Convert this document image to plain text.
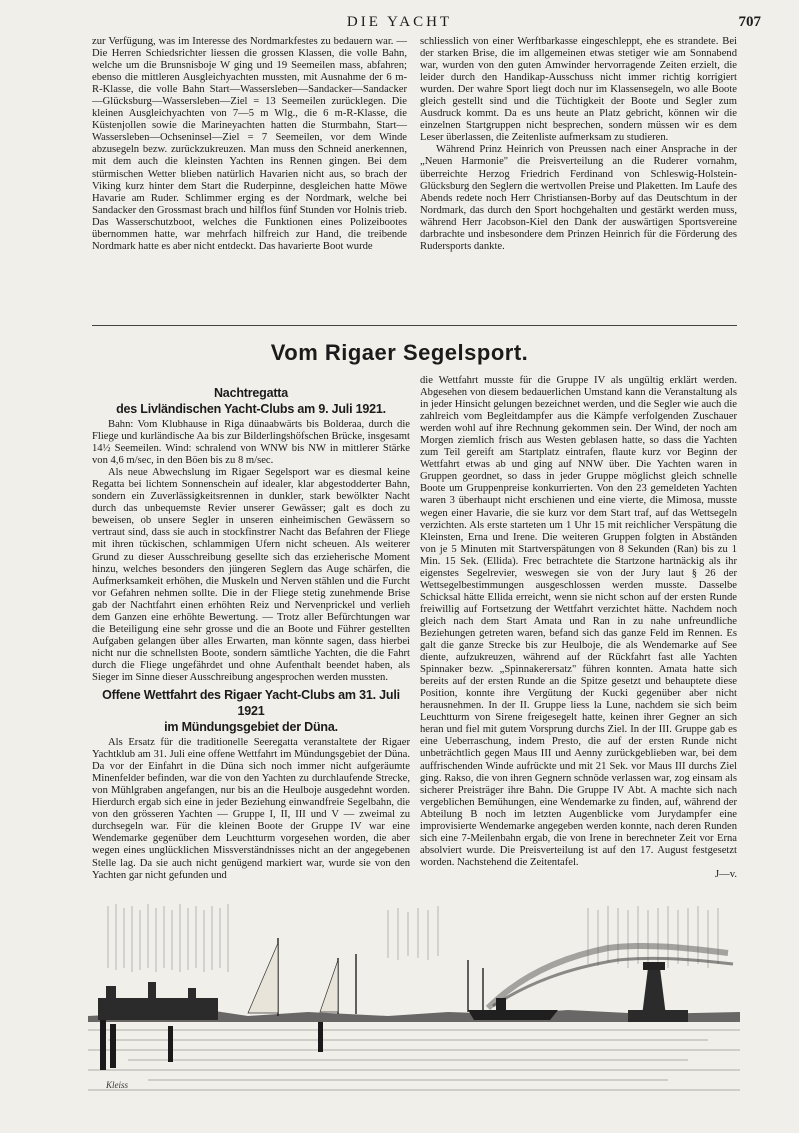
DIE YACHT	707

zur Verfügung, was im Interesse des Nordmarkfestes zu bedauern war. — Die Herren Schiedsrichter liessen die grossen Klassen, die volle Bahn, welche um die Brunsnisboje W ging und 19 Seemeilen mass, abfahren; ebenso die mittleren Ausgleichyachten mussten, mit Ausnahme der 6 m-R-Klasse, die volle Bahn Start—Wassersleben—Sandacker—Sandacker—Glücksburg—Wassersleben—Ziel = 13 Seemeilen zurücklegen. Die kleinen Ausgleichyachten von 7—5 m Wlg., die 6 m-R-Klasse, die Küstenjollen sowie die Marineyachten hatten die Sturmbahn, Start—Wassersleben—Ochseninsel—Ziel = 7 Seemeilen, vor dem Winde abzusegeln bezw. zurückzukreuzen. Man muss den Schneid anerkennen, mit dem auch die kleinsten Yachten ins Rennen gingen. Bei dem stürmischen Wetter blieben natürlich Havarien nicht aus, so brach der Viking kurz hinter dem Start die Ruderpinne, desgleichen hatte Möwe Havarie am Ruder. Schlimmer erging es der Nordmark, welche bei Sandacker den Grossmast brach und hilflos fünf Stunden vor Holnis trieb. Das Wasserschutzboot, welches die Funktionen eines Polizeibootes übernommen hatte, war mehrfach hilfreich zur Hand, die treibende Nordmark hatte es aber nicht entdeckt. Das havarierte Boot wurde

schliesslich von einer Werftbarkasse eingeschleppt, ehe es strandete. Bei der starken Brise, die im allgemeinen etwas stetiger wie am Sonnabend war, wurden von den guten Amwinder hervorragende Zeiten erzielt, die leider durch den Handikap-Ausschuss nicht immer richtig korrigiert wurden. Der wahre Sport liegt doch nur im Klassensegeln, wo alle Boote gleich gestellt sind und die Tüchtigkeit der Boote und Segler zum Ausdruck kommt. Da es uns heute an Platz gebricht, können wir die einzelnen Startgruppen nicht besprechen, sondern müssen wir es dem Leser überlassen, die Zeitenliste aufmerksam zu studieren.

Während Prinz Heinrich von Preussen nach einer Ansprache in der „Neuen Harmonie" die Preisverteilung an die Ruderer vornahm, überreichte Herzog Friedrich Ferdinand von Schleswig-Holstein-Glücksburg den Seglern die wertvollen Preise und Plaketten. Im Laufe des Abends redete noch Herr Christiansen-Borby auf das Deutschtum in der Nordmark, das durch den Sport hochgehalten und gestärkt werden muss, während Herr Jacobson-Kiel den Dank der auswärtigen Sportsvereine darbrachte und insbesondere dem Prinzen Heinrich für die Förderung des Rudersports dankte.

Vom Rigaer Segelsport.
Nachtregatta
des Livländischen Yacht-Clubs am 9. Juli 1921.

Bahn: Vom Klubhause in Riga dünaabwärts bis Bolderaa, durch die Fliege und kurländische Aa bis zur Bilderlingshöfschen Brücke, insgesamt 14½ Seemeilen. Wind: schralend von WNW bis NW in mittlerer Stärke von 4,6 m/sec, in den Böen bis zu 8 m/sec.

Als neue Abwechslung im Rigaer Segelsport war es diesmal keine Regatta bei lichtem Sonnenschein auf idealer, klar abgestodderter Bahn, sondern ein Zuverlässigkeitsrennen in dunkler, stark bewölkter Nacht durch das unbequemste Revier unserer Gewässer; galt es doch zu beweisen, ob unsere Segler in unseren einheimischen Gewässern so vertraut sind, dass sie auch in stockfinstrer Nacht das Befahren der Fliege mit ihren tückischen, schlammigen Ufern nicht scheuen. Als weiterer Grund zu dieser Ausschreibung gesellte sich das erzieherische Moment hinzu, welches besonders den jüngeren Seglern das Auge schärfen, die Aufmerksamkeit erhöhen, die Muskeln und Nerven stählen und die Furcht vor Gefahren nehmen sollte. Die in der Fliege stetig zunehmende Brise gab der Nachtfahrt einen erhöhten Reiz und Nervenprickel und verlieh dem Ganzen eine erhöhte Bewertung. — Trotz aller Befürchtungen war die Beteiligung eine sehr grosse und die an Boote und Führer gestellten Aufgaben gelangen über alles Erwarten, man könnte sagen, dass hierbei nicht nur die schnellsten Boote, sondern sämtliche Yachten, die die Fahrt durch die Fliege ungefährdet und ohne Aufenthalt beendet haben, als Sieger im Sinne dieser Ausschreibung angesprochen werden mussten.

Offene Wettfahrt des Rigaer Yacht-Clubs am 31. Juli 1921
im Mündungsgebiet der Düna.

Als Ersatz für die traditionelle Seeregatta veranstaltete der Rigaer Yachtklub am 31. Juli eine offene Wettfahrt im Mündungsgebiet der Düna. Da vor der Einfahrt in die Düna sich noch immer nicht aufgeräumte Minenfelder befinden, war die von den Yachten zu durchlaufende Strecke, von Mühlgraben angefangen, nur bis an die Heulboje ausgedehnt worden. Hierdurch ergab sich eine in jeder Beziehung einwandfreie Segelbahn, die von den grösseren Yachten — Gruppe I, II, III und V — zweimal zu durchsegeln war. Für die kleinen Boote der Gruppe IV war eine Wendemarke gegenüber dem Leuchtturm vorgesehen worden, die aber wegen eines unglücklichen Missverständnisses nicht an der angegebenen Stelle lag. Da sie auch nicht genügend markiert war, wurde sie von den Yachten gar nicht gefunden und

die Wettfahrt musste für die Gruppe IV als ungültig erklärt werden. Abgesehen von diesem bedauerlichen Umstand kann die Veranstaltung als in jeder Hinsicht gelungen bezeichnet werden, und die Segler wie auch die zahlreich vom Begleitdampfer aus die Kämpfe verfolgenden Zuschauer werden wohl auf ihre Rechnung gekommen sein. Der Wind, der noch am Morgen ziemlich frisch aus Westen geblasen hatte, so dass die Yachten zum Teil gereift am Startplatz eintrafen, flaute kurz vor Beginn der Wettfahrt etwas ab und ging auf NNW über. Die Yachten waren in Gruppen geordnet, so dass in jeder Gruppe möglichst gleich schnelle Boote um Gruppenpreise konkurrierten. Von den 23 gemeldeten Yachten waren 3 überhaupt nicht erschienen und eine vierte, die Mimosa, musste wegen einer Havarie, die sie kurz vor dem Start traf, auf das Wettsegeln verzichten. Als erste starteten um 1 Uhr 15 mit reichlicher Verspätung die Kleinsten, Erna und Irene. Die weiteren Gruppen folgten in Abständen von je 5 Minuten mit Startverspätungen von 8 Sekunden (Ran) bis zu 1 Min. 15 Sek. (Ellida). Frec betrachtete die Startzone hartnäckig als ihr eigenstes Segelrevier, weswegen sie von der Jury laut § 26 der Wettsegelbestimmungen ausgeschlossen werden musste. Dasselbe Schicksal hätte Ellida erreicht, wenn sie nicht schon auf der ersten Runde freiwillig auf Fortsetzung der Wettfahrt verzichtet hätte. Nachdem noch gleich nach dem Start Amata und Ran in zu nahe unfreundliche Beziehungen getreten waren, befand sich das ganze Feld im Rennen. Es galt die ganze Strecke bis zur Heulboje, die als Wendemarke auf See diente, aufzukreuzen, während auf der Rückfahrt fast alle Yachten Spinnaker bezw. „Spinnakerersatz" führen konnten. Amata hatte sich bereits auf der ersten Runde an die Spitze gesetzt und behauptete diese Position, konnte ihre Vergütung der Kucki gegenüber aber nicht herausnehmen. In der II. Gruppe liess la Lune, nachdem sie sich beim Leuchtturm von Sirene freigesegelt hatte, keinen ihrer Gegner an sich heran und fiel mit gutem Vorsprung durchs Ziel. In der III. Gruppe gab es eine Ueberraschung, indem Presto, die auf der ersten Runde nicht unbeträchtlich gegen Maus III und Aenny zurückgeblieben war, bei dem auffrischenden Winde aufrückte und mit 21 Sek. vor Maus III durchs Ziel ging. Rakso, die von ihren Gegnern schnöde verlassen war, zog einsam als sicherer Preisträger ihre Bahn. Die Gruppe IV Abt. A machte sich nach vergeblichen Bemühungen, eine Wendemarke zu finden, auf, während der Abteilung B noch im letzten Augenblicke vom Jurydampfer eine improvisierte Wendemarke angegeben werden konnte, nach deren Runden sich eine 7-Meilenbahn ergab, die von Irene in berechneter Zeit vor Erna absolviert wurde. Die Preisverteilung ist auf den 17. August festgesetzt worden. Nachstehend die Zeitentafel.

J—v.
Kleiss
